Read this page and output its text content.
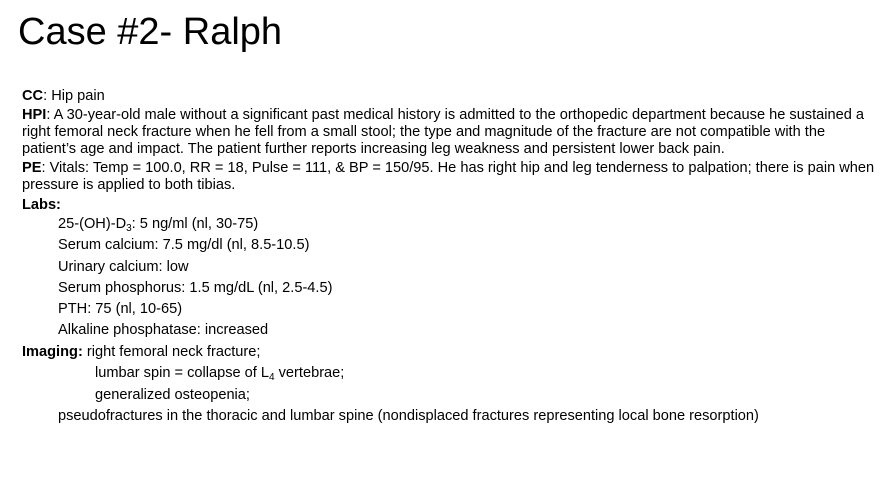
Case #2- Ralph
CC: Hip pain
HPI: A 30-year-old male without a significant past medical history is admitted to the orthopedic department because he sustained a right femoral neck fracture when he fell from a small stool; the type and magnitude of the fracture are not compatible with the patient’s age and impact. The patient further reports increasing leg weakness and persistent lower back pain.
PE: Vitals: Temp = 100.0, RR = 18, Pulse = 111, & BP = 150/95. He has right hip and leg tenderness to palpation; there is pain when pressure is applied to both tibias.
Labs:
$25-(OH)-D_3$: 5 ng/ml (nl, 30-75)
Serum calcium: 7.5 mg/dl (nl, 8.5-10.5)
Urinary calcium: low
Serum phosphorus: 1.5 mg/dL (nl, 2.5-4.5)
PTH: 75 (nl, 10-65)
Alkaline phosphatase: increased
Imaging: right femoral neck fracture;
lumbar spin = collapse of $L_4$ vertebrae;
generalized osteopenia;
pseudofractures in the thoracic and lumbar spine (nondisplaced fractures representing local bone resorption)
